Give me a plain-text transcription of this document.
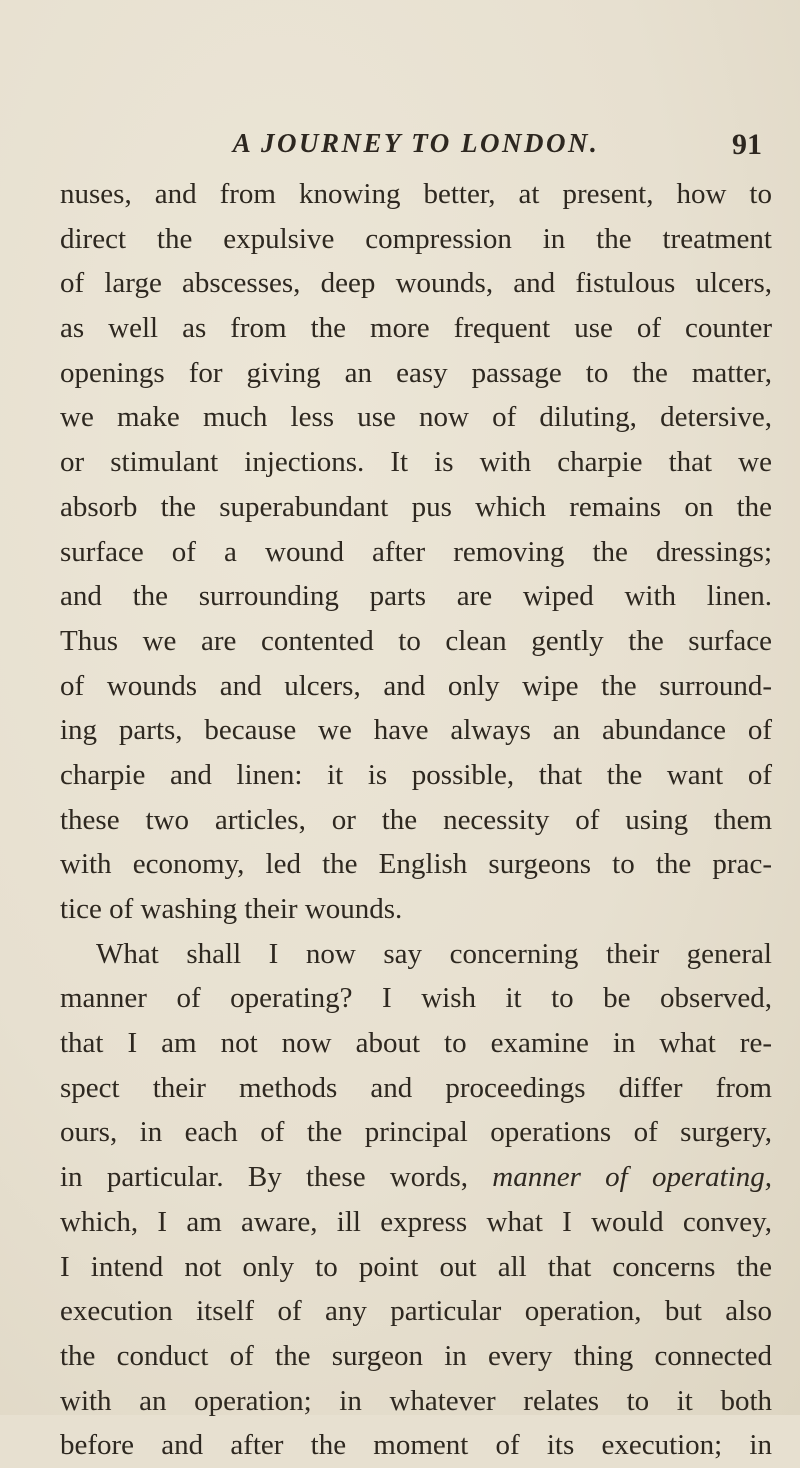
A JOURNEY TO LONDON.	91
nuses, and from knowing better, at present, how to
direct the expulsive compression in the treatment
of large abscesses, deep wounds, and fistulous ulcers,
as well as from the more frequent use of counter
openings for giving an easy passage to the matter,
we make much less use now of diluting, detersive,
or stimulant injections. It is with charpie that we
absorb the superabundant pus which remains on the
surface of a wound after removing the dressings;
and the surrounding parts are wiped with linen.
Thus we are contented to clean gently the surface
of wounds and ulcers, and only wipe the surround-
ing parts, because we have always an abundance of
charpie and linen: it is possible, that the want of
these two articles, or the necessity of using them
with economy, led the English surgeons to the prac-
tice of washing their wounds.
What shall I now say concerning their general
manner of operating? I wish it to be observed,
that I am not now about to examine in what re-
spect their methods and proceedings differ from
ours, in each of the principal operations of surgery,
in particular. By these words, manner of operating,
which, I am aware, ill express what I would convey,
I intend not only to point out all that concerns the
execution itself of any particular operation, but also
the conduct of the surgeon in every thing connected
with an operation; in whatever relates to it both
before and after the moment of its execution; in
